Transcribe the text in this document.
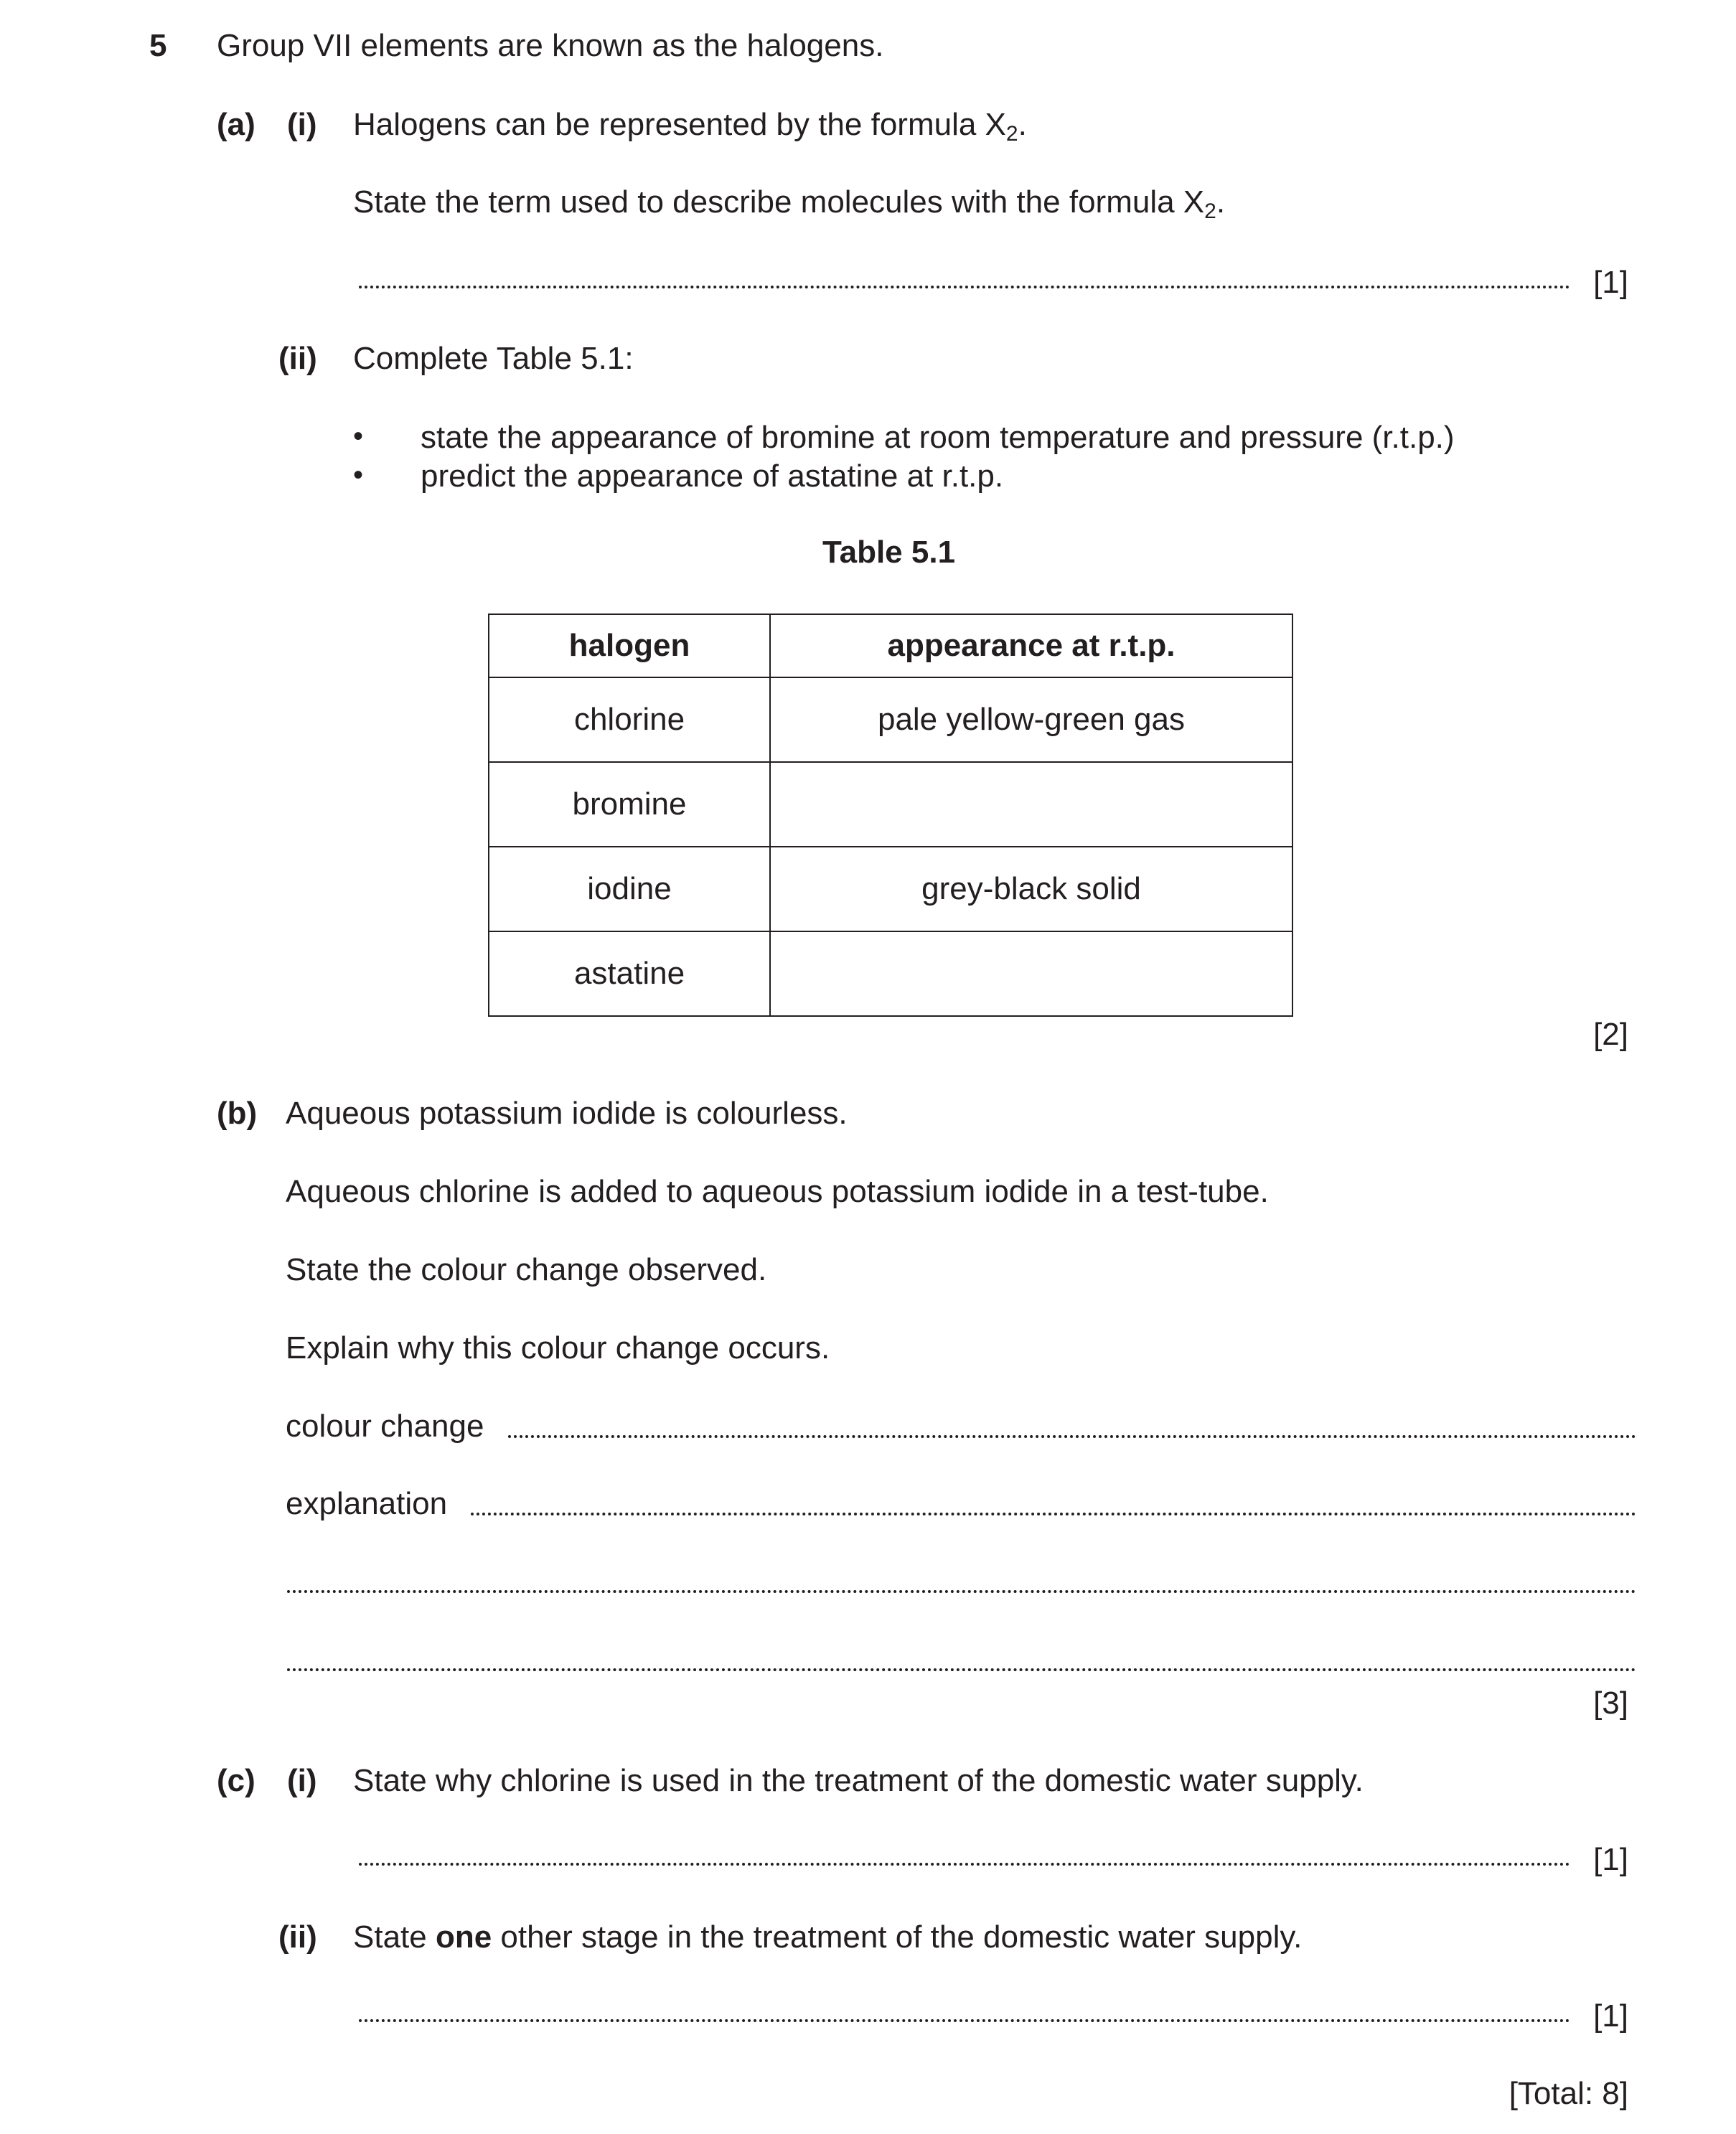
5 Group VII elements are known as the halogens.
(a) (i) Halogens can be represented by the formula $X_2$.
State the term used to describe molecules with the formula $X_2$.
[1]
(ii) Complete Table 5.1:
• state the appearance of bromine at room temperature and pressure (r.t.p.)
• predict the appearance of astatine at r.t.p.
Table 5.1
halogen	appearance at r.t.p.
chlorine	pale yellow-green gas
bromine	
iodine	grey-black solid
astatine	
[2]
(b) Aqueous potassium iodide is colourless.
Aqueous chlorine is added to aqueous potassium iodide in a test-tube.
State the colour change observed.
Explain why this colour change occurs.
colour change
explanation
[3]
(c) (i) State why chlorine is used in the treatment of the domestic water supply.
[1]
(ii) State one other stage in the treatment of the domestic water supply.
[1]
[Total: 8]
